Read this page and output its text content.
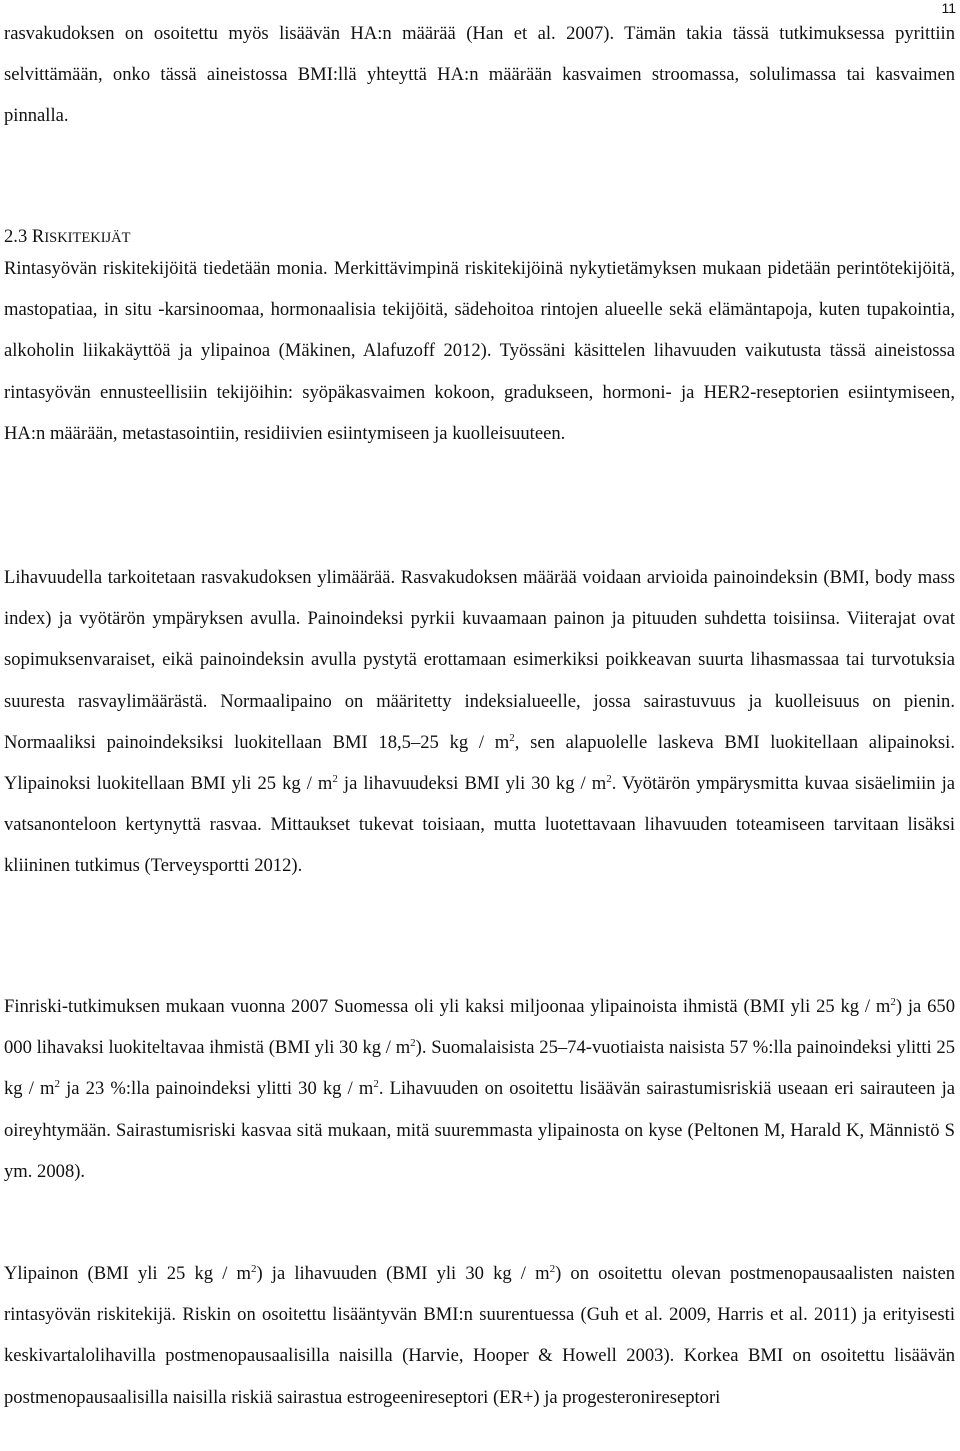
11

rasvakudoksen on osoitettu myös lisäävän HA:n määrää (Han et al. 2007). Tämän takia tässä tutkimuksessa pyrittiin selvittämään, onko tässä aineistossa BMI:llä yhteyttä HA:n määrään kasvaimen stroomassa, solulimassa tai kasvaimen pinnalla.

2.3 RISKITEKIJÄT

Rintasyövän riskitekijöitä tiedetään monia. Merkittävimpinä riskitekijöinä nykytietämyksen mukaan pidetään perintötekijöitä, mastopatiaa, in situ -karsinoomaa, hormonaalisia tekijöitä, sädehoitoa rintojen alueelle sekä elämäntapoja, kuten tupakointia, alkoholin liikakäyttöä ja ylipainoa (Mäkinen, Alafuzoff 2012). Työssäni käsittelen lihavuuden vaikutusta tässä aineistossa rintasyövän ennusteellisiin tekijöihin: syöpäkasvaimen kokoon, gradukseen, hormoni- ja HER2-reseptorien esiintymiseen, HA:n määrään, metastasointiin, residiivien esiintymiseen ja kuolleisuuteen.

Lihavuudella tarkoitetaan rasvakudoksen ylimäärää. Rasvakudoksen määrää voidaan arvioida painoindeksin (BMI, body mass index) ja vyötärön ympäryksen avulla. Painoindeksi pyrkii kuvaamaan painon ja pituuden suhdetta toisiinsa. Viiterajat ovat sopimuksenvaraiset, eikä painoindeksin avulla pystytä erottamaan esimerkiksi poikkeavan suurta lihasmassaa tai turvotuksia suuresta rasvaylimäärästä. Normaalipaino on määritetty indeksialueelle, jossa sairastuvuus ja kuolleisuus on pienin. Normaaliksi painoindeksiksi luokitellaan BMI 18,5–25 kg / $m^2$, sen alapuolelle laskeva BMI luokitellaan alipainoksi. Ylipainoksi luokitellaan BMI yli 25 kg / $m^2$ ja lihavuudeksi BMI yli 30 kg / $m^2$. Vyötärön ympärysmitta kuvaa sisäelimiin ja vatsanonteloon kertynyttä rasvaa. Mittaukset tukevat toisiaan, mutta luotettavaan lihavuuden toteamiseen tarvitaan lisäksi kliininen tutkimus (Terveysportti 2012).

Finriski-tutkimuksen mukaan vuonna 2007 Suomessa oli yli kaksi miljoonaa ylipainoista ihmistä (BMI yli 25 kg / $m^2$) ja 650 000 lihavaksi luokiteltavaa ihmistä (BMI yli 30 kg / $m^2$). Suomalaisista 25–74-vuotiaista naisista 57 %:lla painoindeksi ylitti 25 kg / $m^2$ ja 23 %:lla painoindeksi ylitti 30 kg / $m^2$. Lihavuuden on osoitettu lisäävän sairastumisriskiä useaan eri sairauteen ja oireyhtymään. Sairastumisriski kasvaa sitä mukaan, mitä suuremmasta ylipainosta on kyse (Peltonen M, Harald K, Männistö S ym. 2008).

Ylipainon (BMI yli 25 kg / $m^2$) ja lihavuuden (BMI yli 30 kg / $m^2$) on osoitettu olevan postmenopausaalisten naisten rintasyövän riskitekijä. Riskin on osoitettu lisääntyvän BMI:n suurentuessa (Guh et al. 2009, Harris et al. 2011) ja erityisesti keskivartalolihavilla postmenopausaalisilla naisilla (Harvie, Hooper & Howell 2003). Korkea BMI on osoitettu lisäävän postmenopausaalisilla naisilla riskiä sairastua estrogeenireseptori (ER+) ja progesteronireseptori
